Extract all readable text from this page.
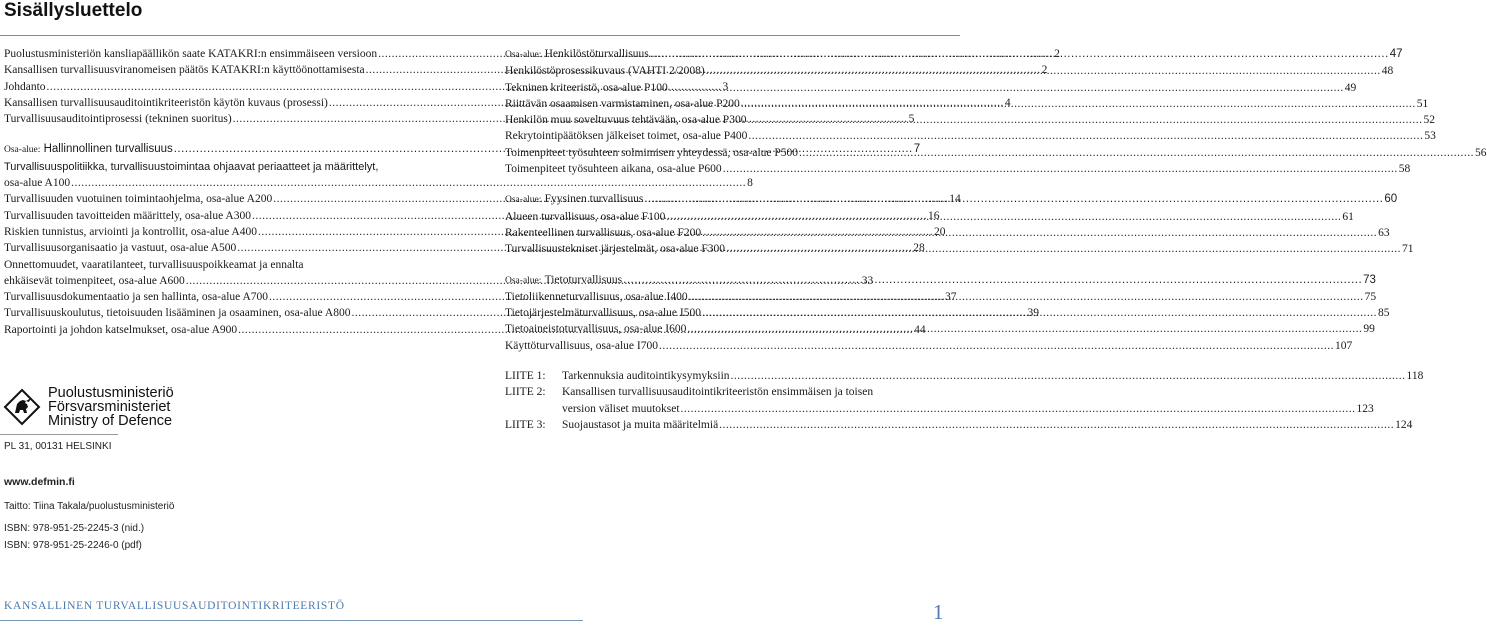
Sisällysluettelo
Puolustusministeriön kansliapäällikön saate KATAKRI:n ensimmäiseen versioon .....	2
Kansallisen turvallisuusviranomeisen päätös KATAKRI:n käyttöönottamisesta .....	2
Johdanto .....	3
Kansallisen turvallisuusauditointikriteeristön käytön kuvaus (prosessi) .....	4
Turvallisuusauditointiprosessi (tekninen suoritus) .....	5
Osa-alue: Hallinnollinen turvallisuus .....	7
Turvallisuuspolitiikka, turvallisuustoimintaa ohjaavat periaatteet ja määrittelyt,
osa-alue A100 .....	8
Turvallisuuden vuotuinen toimintaohjelma, osa-alue A200 .....	14
Turvallisuuden tavoitteiden määrittely, osa-alue A300 .....	16
Riskien tunnistus, arviointi ja kontrollit, osa-alue A400 .....	20
Turvallisuusorganisaatio ja vastuut, osa-alue A500 .....	28
Onnettomuudet, vaaratilanteet, turvallisuuspoikkeamat ja ennalta
ehkäisevät toimenpiteet, osa-alue A600 .....	33
Turvallisuusdokumentaatio ja sen hallinta, osa-alue A700 .....	37
Turvallisuuskoulutus, tietoisuuden lisääminen ja osaaminen, osa-alue A800 .....	39
Raportointi ja johdon katselmukset, osa-alue A900 .....	44
Osa-alue: Henkilöstöturvallisuus .....	47
Henkilöstöprosessikuvaus (VAHTI 2/2008) .....	48
Tekninen kriteeristö, osa-alue P100 .....	49
Riittävän osaamisen varmistaminen, osa-alue P200 .....	51
Henkilön muu soveltuvuus tehtävään, osa-alue P300 .....	52
Rekrytointipäätöksen jälkeiset toimet, osa-alue P400 .....	53
Toimenpiteet työsuhteen solmimisen yhteydessä, osa-alue P500 .....	56
Toimenpiteet työsuhteen aikana, osa-alue P600 .....	58
Osa-alue: Fyysinen turvallisuus .....	60
Alueen turvallisuus, osa-alue F100 .....	61
Rakenteellinen turvallisuus, osa-alue F200 .....	63
Turvallisuustekniset järjestelmät, osa-alue F300 .....	71
Osa-alue: Tietoturvallisuus .....	73
Tietoliikenneturvallisuus, osa-alue I400 .....	75
Tietojärjestelmäturvallisuus, osa-alue I500 .....	85
Tietoaineistoturvallisuus, osa-alue I600 .....	99
Käyttöturvallisuus, osa-alue I700 .....	107
LIITE 1:	Tarkennuksia auditointikysymyksiin .....	118
LIITE 2:	Kansallisen turvallisuusauditointikriteeristön ensimmäisen ja toisen
version väliset muutokset .....	123
LIITE 3:	Suojaustasot ja muita määritelmiä .....	124
Puolustusministeriö
Försvarsministeriet
Ministry of Defence
PL 31, 00131 HELSINKI
www.defmin.fi
Taitto: Tiina Takala/puolustusministeriö
ISBN: 978-951-25-2245-3 (nid.)
ISBN: 978-951-25-2246-0 (pdf)
KANSALLINEN TURVALLISUUSAUDITOINTIKRITEERISTÖ	1
